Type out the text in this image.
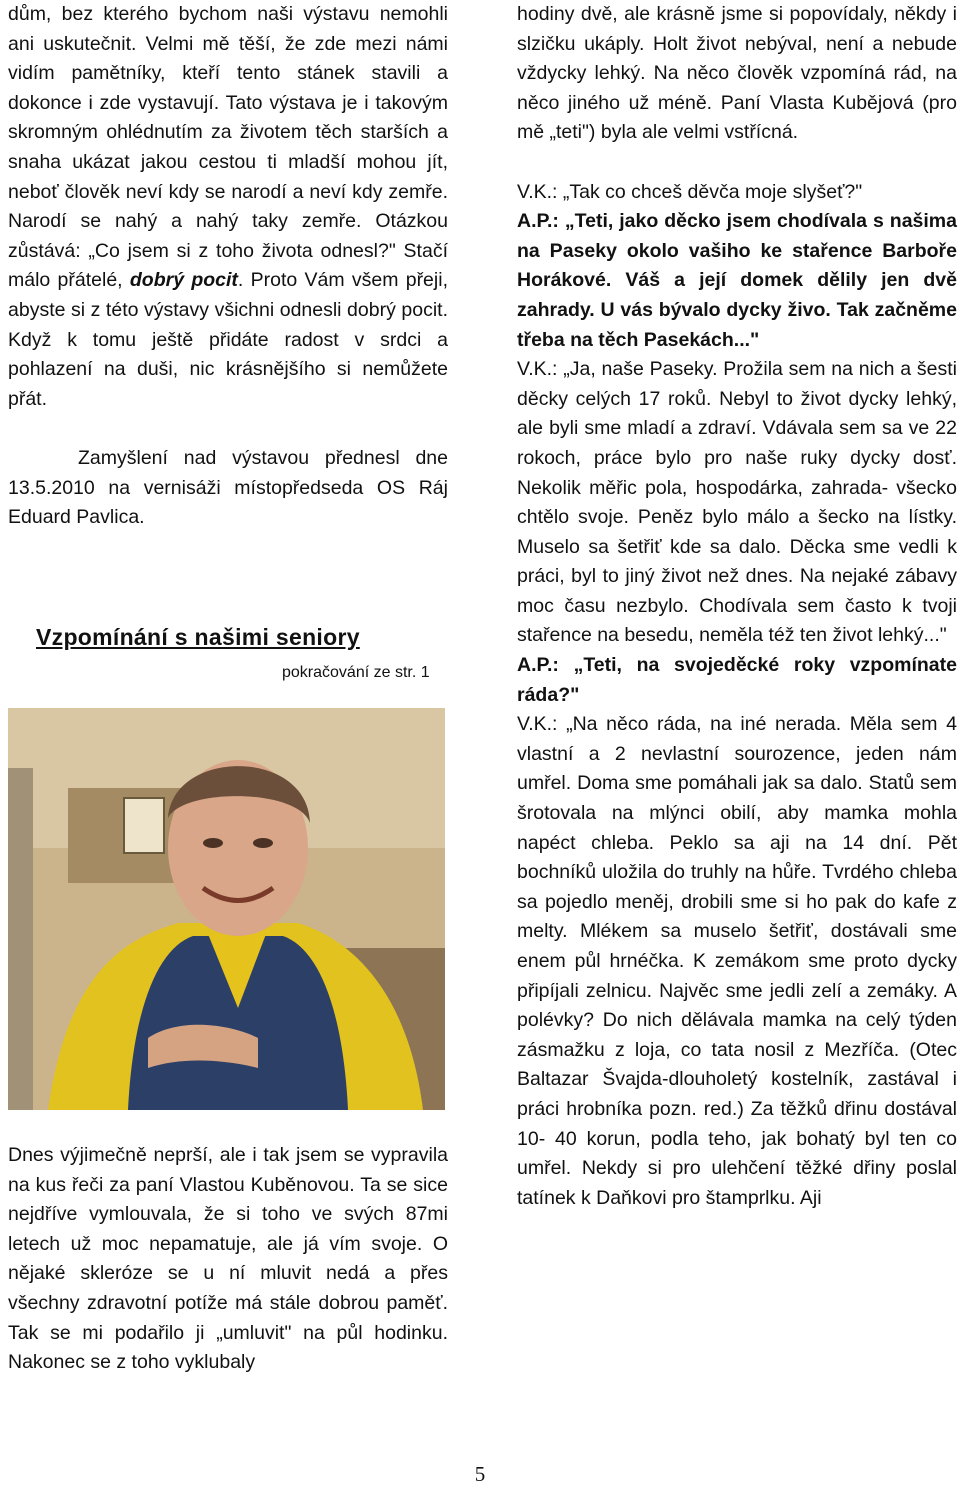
dům, bez kterého bychom naši výstavu nemohli ani uskutečnit. Velmi mě těší, že zde mezi námi vidím pamětníky, kteří tento stánek stavili a dokonce i zde vystavují. Tato výstava je i takovým skromným ohlédnutím za životem těch starších a snaha ukázat jakou cestou ti mladší mohou jít, neboť člověk neví kdy se narodí a neví kdy zemře. Narodí se nahý a nahý taky zemře. Otázkou zůstává: „Co jsem si z toho života odnesl?" Stačí málo přátelé, dobrý pocit. Proto Vám všem přeji, abyste si z této výstavy všichni odnesli dobrý pocit. Když k tomu ještě přidáte radost v srdci a pohlazení na duši, nic krásnějšího si nemůžete přát.

Zamyšlení nad výstavou přednesl dne 13.5.2010 na vernisáži místopředseda OS Ráj Eduard Pavlica.

Vzpomínání s našimi seniory
pokračování ze str. 1

Dnes výjimečně neprší, ale i tak jsem se vypravila na kus řeči za paní Vlastou Kuběnovou. Ta se sice nejdříve vymlouvala, že si toho ve svých 87mi letech už moc nepamatuje, ale já vím svoje. O nějaké skleróze se u ní mluvit nedá a přes všechny zdravotní potíže má stále dobrou paměť. Tak se mi podařilo ji „umluvit" na půl hodinku. Nakonec se z toho vyklubaly

hodiny dvě, ale krásně jsme si popovídaly, někdy i slzičku ukáply. Holt život nebýval, není a nebude vždycky lehký. Na něco člověk vzpomíná rád, na něco jiného už méně. Paní Vlasta Kubějová (pro mě „teti") byla ale velmi vstřícná.

V.K.: „Tak co chceš děvča moje slyšeť?"

A.P.: „Teti, jako děcko jsem chodívala s našima na Paseky okolo vašiho ke stařence Barboře Horákové. Váš a její domek dělily jen dvě zahrady. U vás bývalo dycky živo. Tak začněme třeba na těch Pasekách..."

V.K.: „Ja, naše Paseky. Prožila sem na nich a šesti děcky celých 17 roků. Nebyl to život dycky lehký, ale byli sme mladí a zdraví. Vdávala sem sa ve 22 rokoch, práce bylo pro naše ruky dycky dosť. Nekolik měřic pola, hospodárka, zahrada- všecko chtělo svoje. Peněz bylo málo a šecko na lístky. Muselo sa šetřiť kde sa dalo. Děcka sme vedli k práci, byl to jiný život než dnes. Na nejaké zábavy moc času nezbylo. Chodívala sem často k tvoji stařence na besedu, neměla též ten život lehký..."

A.P.: „Teti, na svojeděcké roky vzpomínate ráda?"

V.K.: „Na něco ráda, na iné nerada. Měla sem 4 vlastní a 2 nevlastní sourozence, jeden nám umřel. Doma sme pomáhali jak sa dalo. Statů sem šrotovala na mlýnci obilí, aby mamka mohla napéct chleba. Peklo sa aji na 14 dní. Pět bochníků uložila do truhly na hůře. Tvrdého chleba sa pojedlo meněj, drobili sme si ho pak do kafe z melty. Mlékem sa muselo šetřiť, dostávali sme enem půl hrnéčka. K zemákom sme proto dycky připíjali zelnicu. Najvěc sme jedli zelí a zemáky. A polévky? Do nich dělávala mamka na celý týden zásmažku z loja, co tata nosil z Mezříča. (Otec Baltazar Švajda-dlouholetý kostelník, zastával i práci hrobníka pozn. red.) Za těžků dřinu dostával 10- 40 korun, podla teho, jak bohatý byl ten co umřel. Nekdy si pro ulehčení těžké dřiny poslal tatínek k Daňkovi pro štamprlku. Aji

5
